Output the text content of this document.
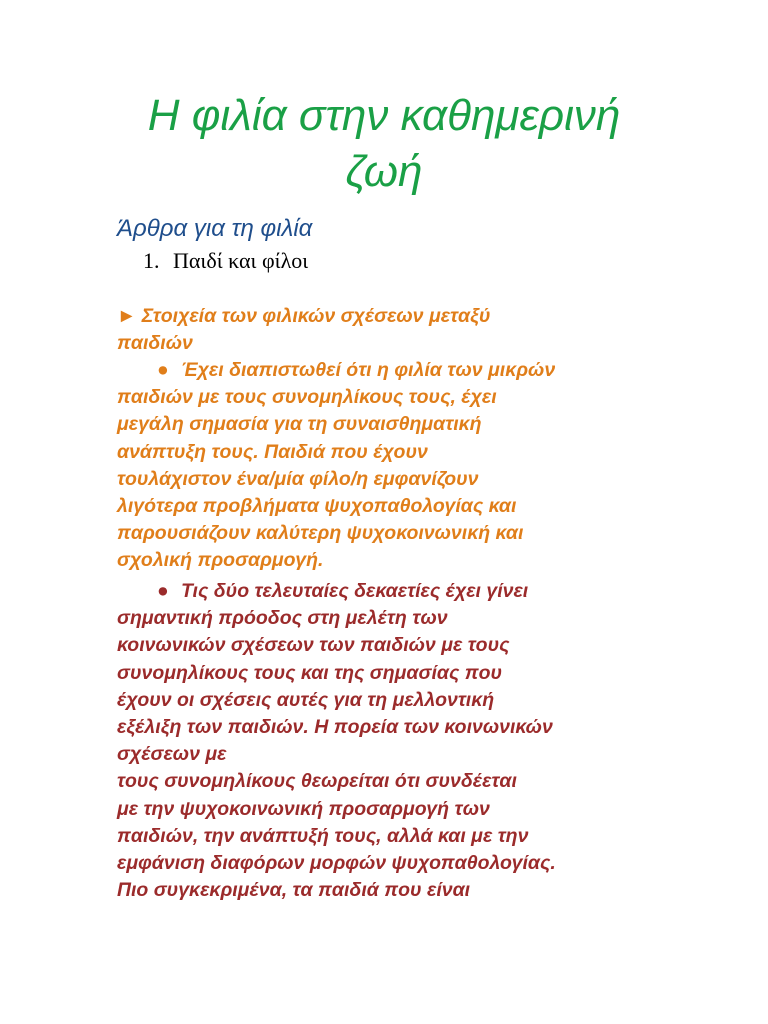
Η φιλία στην καθημερινή
ζωή
Άρθρα για τη φιλία
1. Παιδί και φίλοι
► Στοιχεία των φιλικών σχέσεων μεταξύ
παιδιών
● Έχει διαπιστωθεί ότι η φιλία των μικρών
παιδιών με τους συνομηλίκους τους, έχει
μεγάλη σημασία για τη συναισθηματική
ανάπτυξη τους. Παιδιά που έχουν
τουλάχιστον ένα/μία φίλο/η εμφανίζουν
λιγότερα προβλήματα ψυχοπαθολογίας και
παρουσιάζουν καλύτερη ψυχοκοινωνική και
σχολική προσαρμογή.
● Τις δύο τελευταίες δεκαετίες έχει γίνει
σημαντική πρόοδος στη μελέτη των
κοινωνικών σχέσεων των παιδιών με τους
συνομηλίκους τους και της σημασίας που
έχουν οι σχέσεις αυτές για τη μελλοντική
εξέλιξη των παιδιών. Η πορεία των κοινωνικών
σχέσεων με
τους συνομηλίκους θεωρείται ότι συνδέεται
με την ψυχοκοινωνική προσαρμογή των
παιδιών, την ανάπτυξή τους, αλλά και με την
εμφάνιση διαφόρων μορφών ψυχοπαθολογίας.
Πιο συγκεκριμένα, τα παιδιά που είναι
